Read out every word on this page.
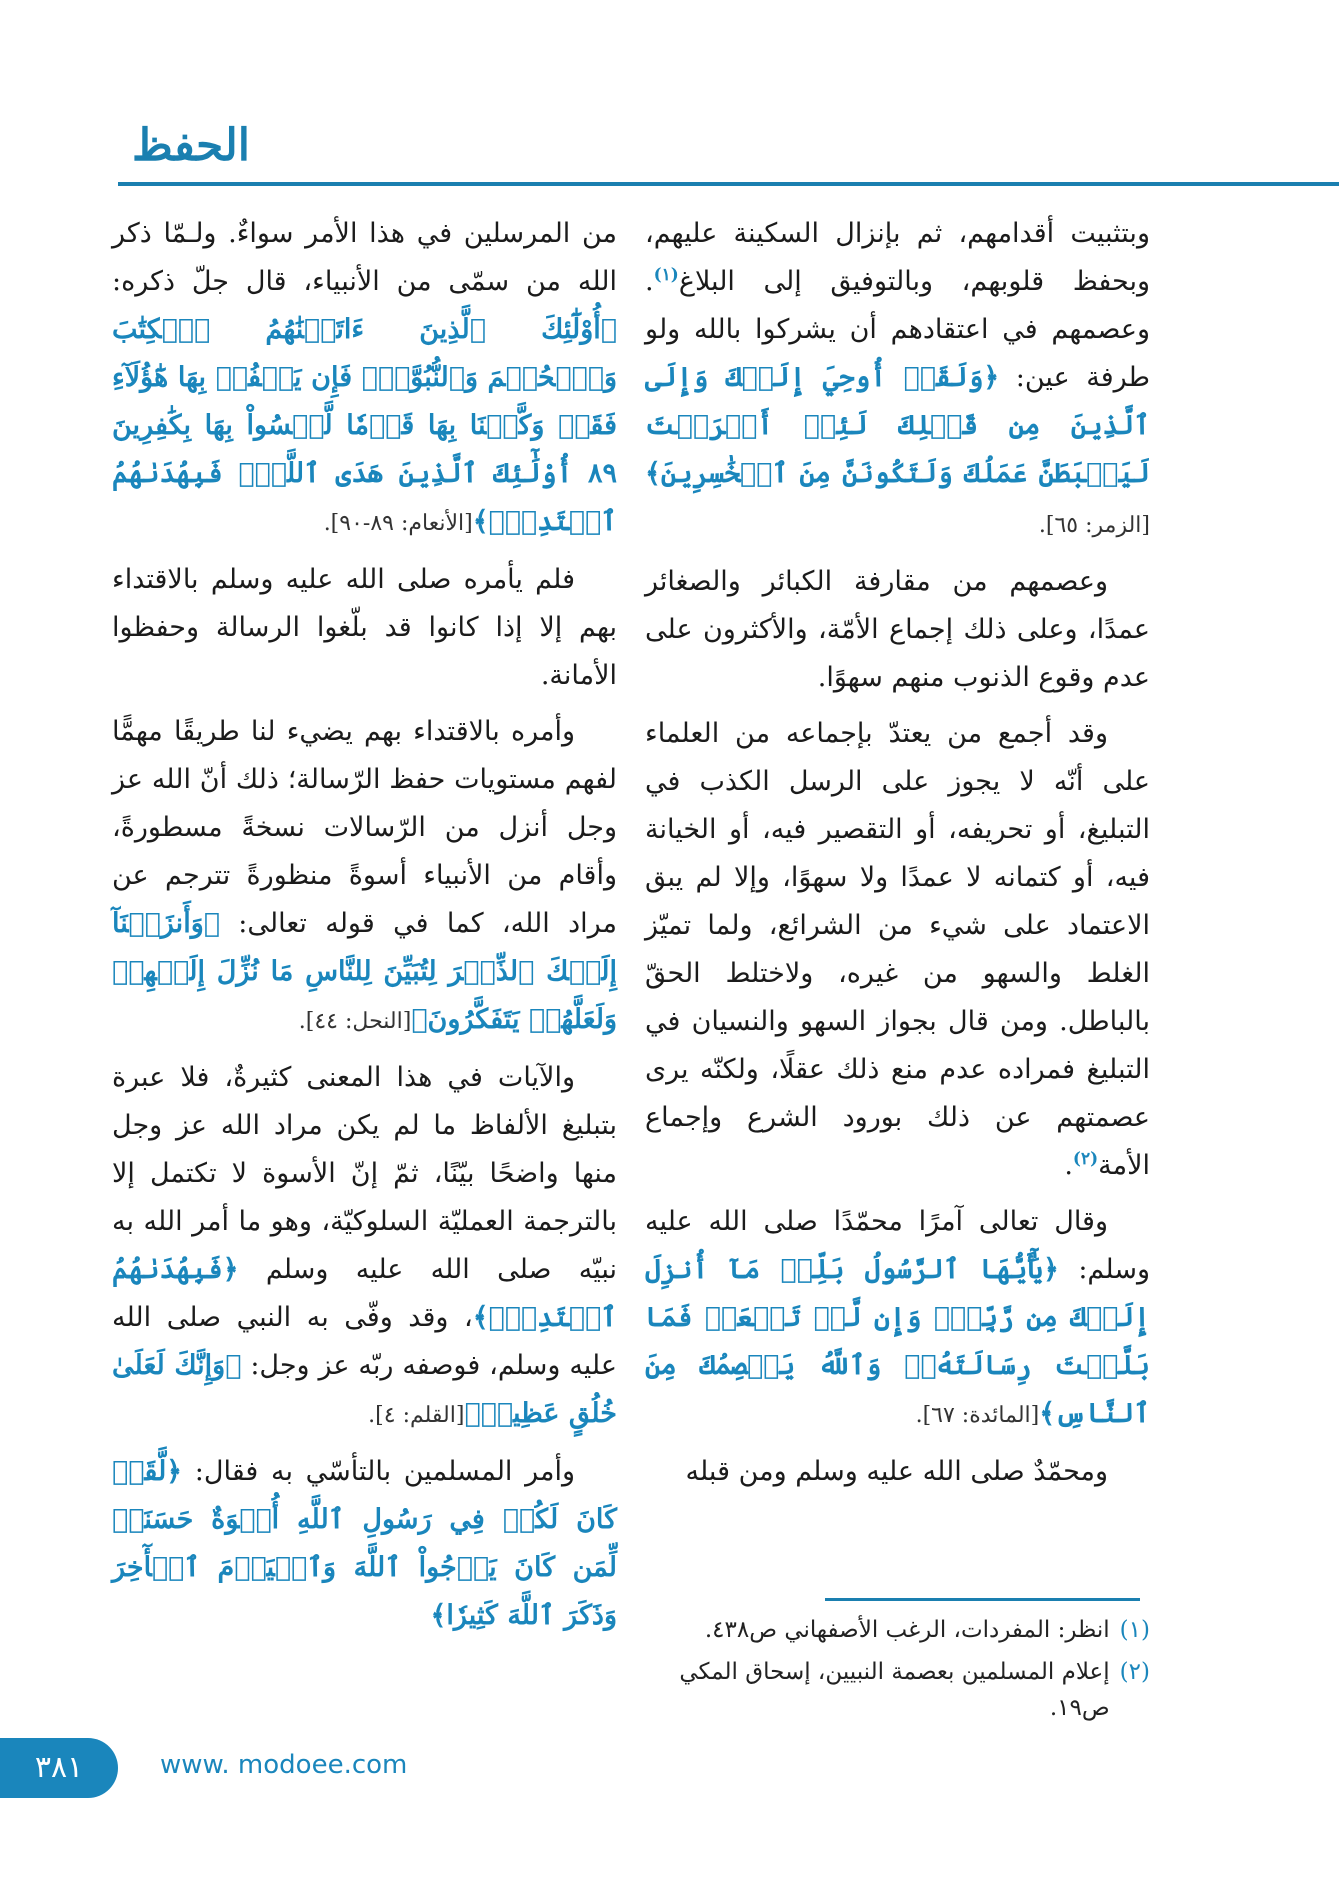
الحفظ

وبتثبيت أقدامهم، ثم بإنزال السكينة عليهم، وبحفظ قلوبهم، وبالتوفيق إلى البلاغ$^{(١)}$. وعصمهم في اعتقادهم أن يشركوا بالله ولو طرفة عين: ﴿وَلَقَدۡ أُوحِيَ إِلَيۡكَ وَإِلَى ٱلَّذِينَ مِن قَبۡلِكَ لَئِنۡ أَشۡرَكۡتَ لَيَحۡبَطَنَّ عَمَلُكَ وَلَتَكُونَنَّ مِنَ ٱلۡخَٰسِرِينَ﴾ [الزمر: ٦٥].

وعصمهم من مقارفة الكبائر والصغائر عمدًا، وعلى ذلك إجماع الأمّة، والأكثرون على عدم وقوع الذنوب منهم سهوًا.

وقد أجمع من يعتدّ بإجماعه من العلماء على أنّه لا يجوز على الرسل الكذب في التبليغ، أو تحريفه، أو التقصير فيه، أو الخيانة فيه، أو كتمانه لا عمدًا ولا سهوًا، وإلا لم يبق الاعتماد على شيء من الشرائع، ولما تميّز الغلط والسهو من غيره، ولاختلط الحقّ بالباطل. ومن قال بجواز السهو والنسيان في التبليغ فمراده عدم منع ذلك عقلًا، ولكنّه يرى عصمتهم عن ذلك بورود الشرع وإجماع الأمة$^{(٢)}$.

وقال تعالى آمرًا محمّدًا صلى الله عليه وسلم: ﴿يَٰٓأَيُّهَا ٱلرَّسُولُ بَلِّغۡ مَآ أُنزِلَ إِلَيۡكَ مِن رَّبِّكَۖ وَإِن لَّمۡ تَفۡعَلۡ فَمَا بَلَّغۡتَ رِسَالَتَهُۥۚ وَٱللَّهُ يَعۡصِمُكَ مِنَ ٱلنَّاسِ﴾[المائدة: ٦٧].

ومحمّدٌ صلى الله عليه وسلم ومن قبله

من المرسلين في هذا الأمر سواءٌ. ولـمّا ذكر الله من سمّى من الأنبياء، قال جلّ ذكره: ﴿أُوْلَٰٓئِكَ ٱلَّذِينَ ءَاتَيۡنَٰهُمُ ٱلۡكِتَٰبَ وَٱلۡحُكۡمَ وَٱلنُّبُوَّةَۚ فَإِن يَكۡفُرۡ بِهَا هَٰٓؤُلَآءِ فَقَدۡ وَكَّلۡنَا بِهَا قَوۡمٗا لَّيۡسُواْ بِهَا بِكَٰفِرِينَ ٨٩ أُوْلَٰٓئِكَ ٱلَّذِينَ هَدَى ٱللَّهُۖ فَبِهُدَىٰهُمُ ٱقۡتَدِهۡۗ﴾[الأنعام: ٨٩-٩٠].

فلم يأمره صلى الله عليه وسلم بالاقتداء بهم إلا إذا كانوا قد بلّغوا الرسالة وحفظوا الأمانة.

وأمره بالاقتداء بهم يضيء لنا طريقًا مهمًّا لفهم مستويات حفظ الرّسالة؛ ذلك أنّ الله عز وجل أنزل من الرّسالات نسخةً مسطورةً، وأقام من الأنبياء أسوةً منظورةً تترجم عن مراد الله، كما في قوله تعالى: ﴿وَأَنزَلۡنَآ إِلَيۡكَ ٱلذِّكۡرَ لِتُبَيِّنَ لِلنَّاسِ مَا نُزِّلَ إِلَيۡهِمۡ وَلَعَلَّهُمۡ يَتَفَكَّرُونَ﴾[النحل: ٤٤].

والآيات في هذا المعنى كثيرةٌ، فلا عبرة بتبليغ الألفاظ ما لم يكن مراد الله عز وجل منها واضحًا بيّنًا، ثمّ إنّ الأسوة لا تكتمل إلا بالترجمة العمليّة السلوكيّة، وهو ما أمر الله به نبيّه صلى الله عليه وسلم ﴿فَبِهُدَىٰهُمُ ٱقۡتَدِهۡۗ﴾، وقد وفّى به النبي صلى الله عليه وسلم، فوصفه ربّه عز وجل: ﴿وَإِنَّكَ لَعَلَىٰ خُلُقٍ عَظِيمٖ﴾[القلم: ٤].

وأمر المسلمين بالتأسّي به فقال: ﴿لَّقَدۡ كَانَ لَكُمۡ فِي رَسُولِ ٱللَّهِ أُسۡوَةٌ حَسَنَةٞ لِّمَن كَانَ يَرۡجُواْ ٱللَّهَ وَٱلۡيَوۡمَ ٱلۡأٓخِرَ وَذَكَرَ ٱللَّهَ كَثِيرٗا﴾	(١)
انظر: المفردات، الرغب الأصفهاني ص٤٣٨.
(٢)
إعلام المسلمين بعصمة النبيين، إسحاق المكي ص١٩.
٣٨١	www. modoee.com
